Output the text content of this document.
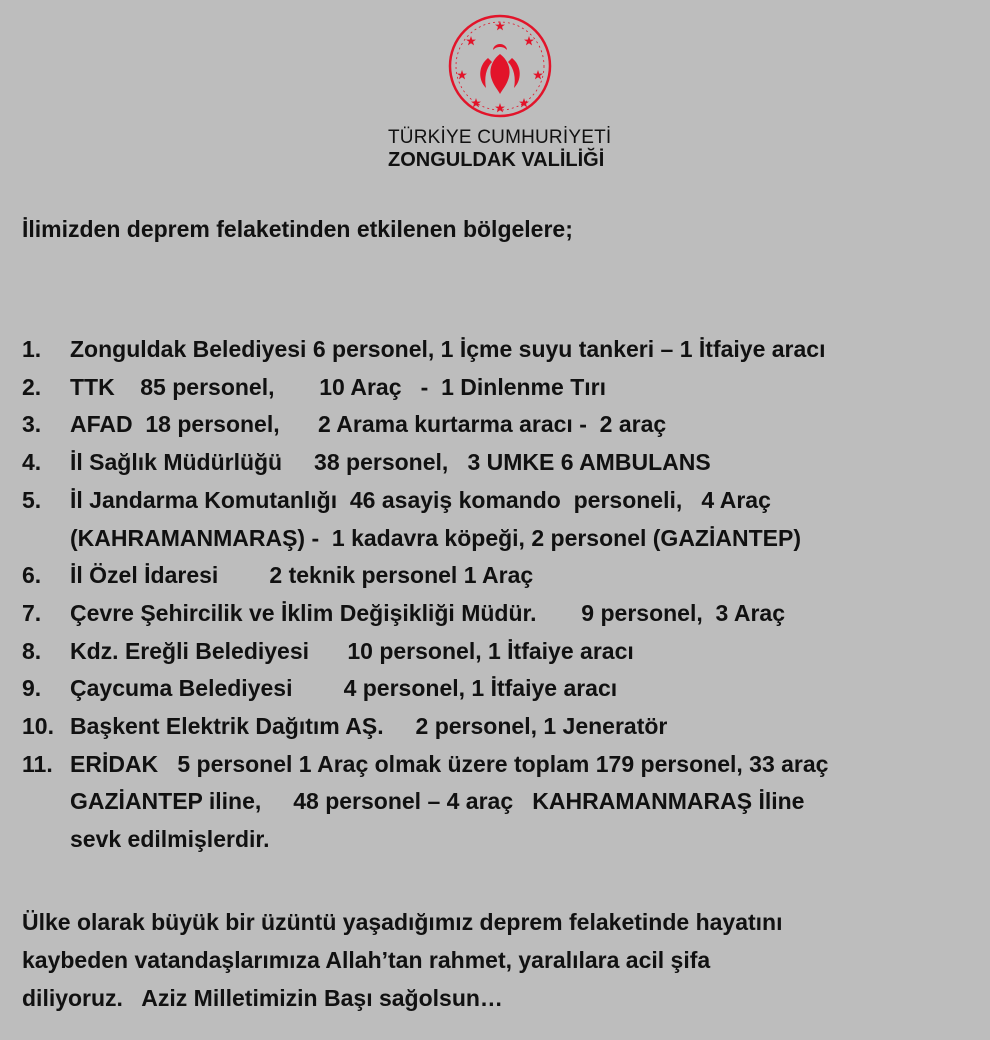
TÜRKİYE CUMHURİYETİ
ZONGULDAK VALİLİĞİ
İlimizden deprem felaketinden etkilenen bölgelere;
1. Zonguldak Belediyesi 6 personel, 1 İçme suyu tankeri – 1 İtfaiye aracı
2. TTK    85 personel,       10 Araç   -  1 Dinlenme Tırı
3. AFAD  18 personel,      2 Arama kurtarma aracı -  2 araç
4. İl Sağlık Müdürlüğü     38 personel,   3 UMKE 6 AMBULANS
5. İl Jandarma Komutanlığı  46 asayiş komando  personeli,   4 Araç
(KAHRAMANMARAŞ) -  1 kadavra köpeği, 2 personel (GAZİANTEP)
6. İl Özel İdaresi        2 teknik personel 1 Araç
7. Çevre Şehircilik ve İklim Değişikliği Müdür.       9 personel,  3 Araç
8. Kdz. Ereğli Belediyesi      10 personel, 1 İtfaiye aracı
9. Çaycuma Belediyesi        4 personel, 1 İtfaiye aracı
10. Başkent Elektrik Dağıtım AŞ.     2 personel, 1 Jeneratör
11. ERİDAK   5 personel 1 Araç olmak üzere toplam 179 personel, 33 araç
GAZİANTEP iline,     48 personel – 4 araç   KAHRAMANMARAŞ İline
sevk edilmişlerdir.
Ülke olarak büyük bir üzüntü yaşadığımız deprem felaketinde hayatını
kaybeden vatandaşlarımıza Allah’tan rahmet, yaralılara acil şifa
diliyoruz.   Aziz Milletimizin Başı sağolsun…
